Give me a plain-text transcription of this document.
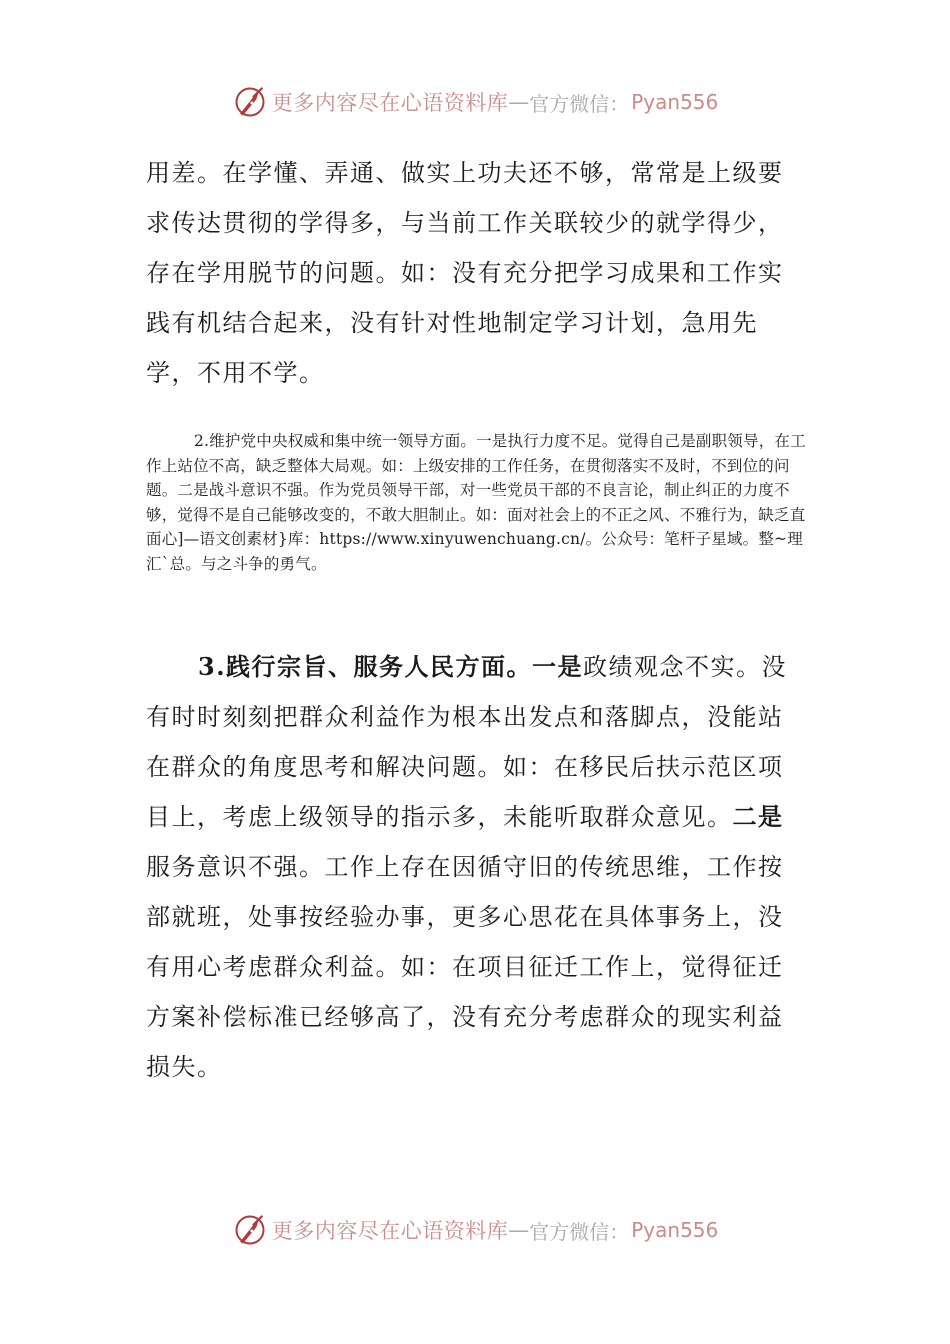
更多内容尽在心语资料库 — 官方微信： Pyan556

用差。在学懂、弄通、做实上功夫还不够，常常是上级要求传达贯彻的学得多，与当前工作关联较少的就学得少，存在学用脱节的问题。如：没有充分把学习成果和工作实践有机结合起来，没有针对性地制定学习计划，急用先学，不用不学。

2.维护党中央权威和集中统一领导方面。一是执行力度不足。觉得自己是副职领导，在工作上站位不高，缺乏整体大局观。如：上级安排的工作任务，在贯彻落实不及时，不到位的问题。二是战斗意识不强。作为党员领导干部，对一些党员干部的不良言论，制止纠正的力度不够，觉得不是自己能够改变的，不敢大胆制止。如：面对社会上的不正之风、不雅行为，缺乏直面心]—语文创素材}库：https://www.xinyuwenchuang.cn/。公众号：笔杆子星域。整~理汇`总。与之斗争的勇气。

3.践行宗旨、服务人民方面。一是政绩观念不实。没有时时刻刻把群众利益作为根本出发点和落脚点，没能站在群众的角度思考和解决问题。如：在移民后扶示范区项目上，考虑上级领导的指示多，未能听取群众意见。二是服务意识不强。工作上存在因循守旧的传统思维，工作按部就班，处事按经验办事，更多心思花在具体事务上，没有用心考虑群众利益。如：在项目征迁工作上，觉得征迁方案补偿标准已经够高了，没有充分考虑群众的现实利益损失。

更多内容尽在心语资料库 — 官方微信： Pyan556
